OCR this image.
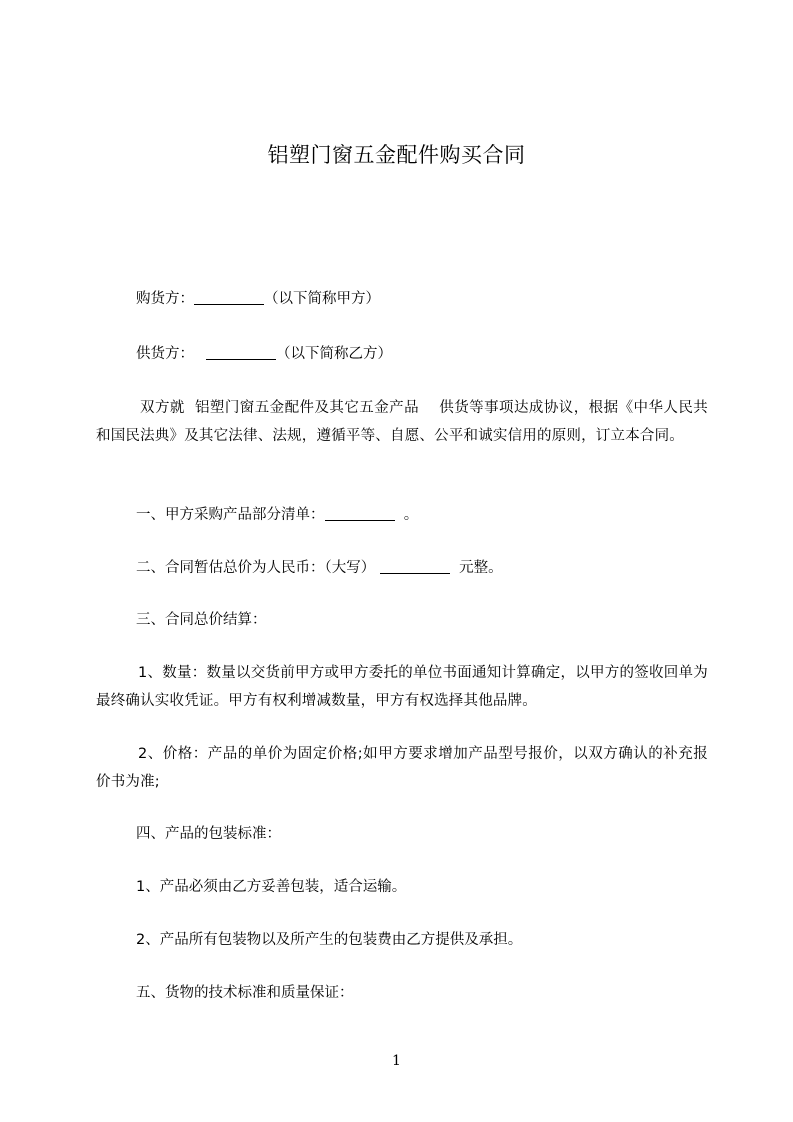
铝塑门窗五金配件购买合同
购货方：	（以下简称甲方）
供货方：	（以下简称乙方）
双方就 铝塑门窗五金配件及其它五金产品 供货等事项达成协议，根据《中华人民共和国民法典》及其它法律、法规，遵循平等、自愿、公平和诚实信用的原则，订立本合同。
一、甲方采购产品部分清单：	。
二、合同暂估总价为人民币：（大写）	元整。
三、合同总价结算：
1、数量：数量以交货前甲方或甲方委托的单位书面通知计算确定，以甲方的签收回单为最终确认实收凭证。甲方有权利增减数量，甲方有权选择其他品牌。
2、价格：产品的单价为固定价格;如甲方要求增加产品型号报价，以双方确认的补充报价书为准;
四、产品的包装标准：
1、产品必须由乙方妥善包装，适合运输。
2、产品所有包装物以及所产生的包装费由乙方提供及承担。
五、货物的技术标准和质量保证：
1
